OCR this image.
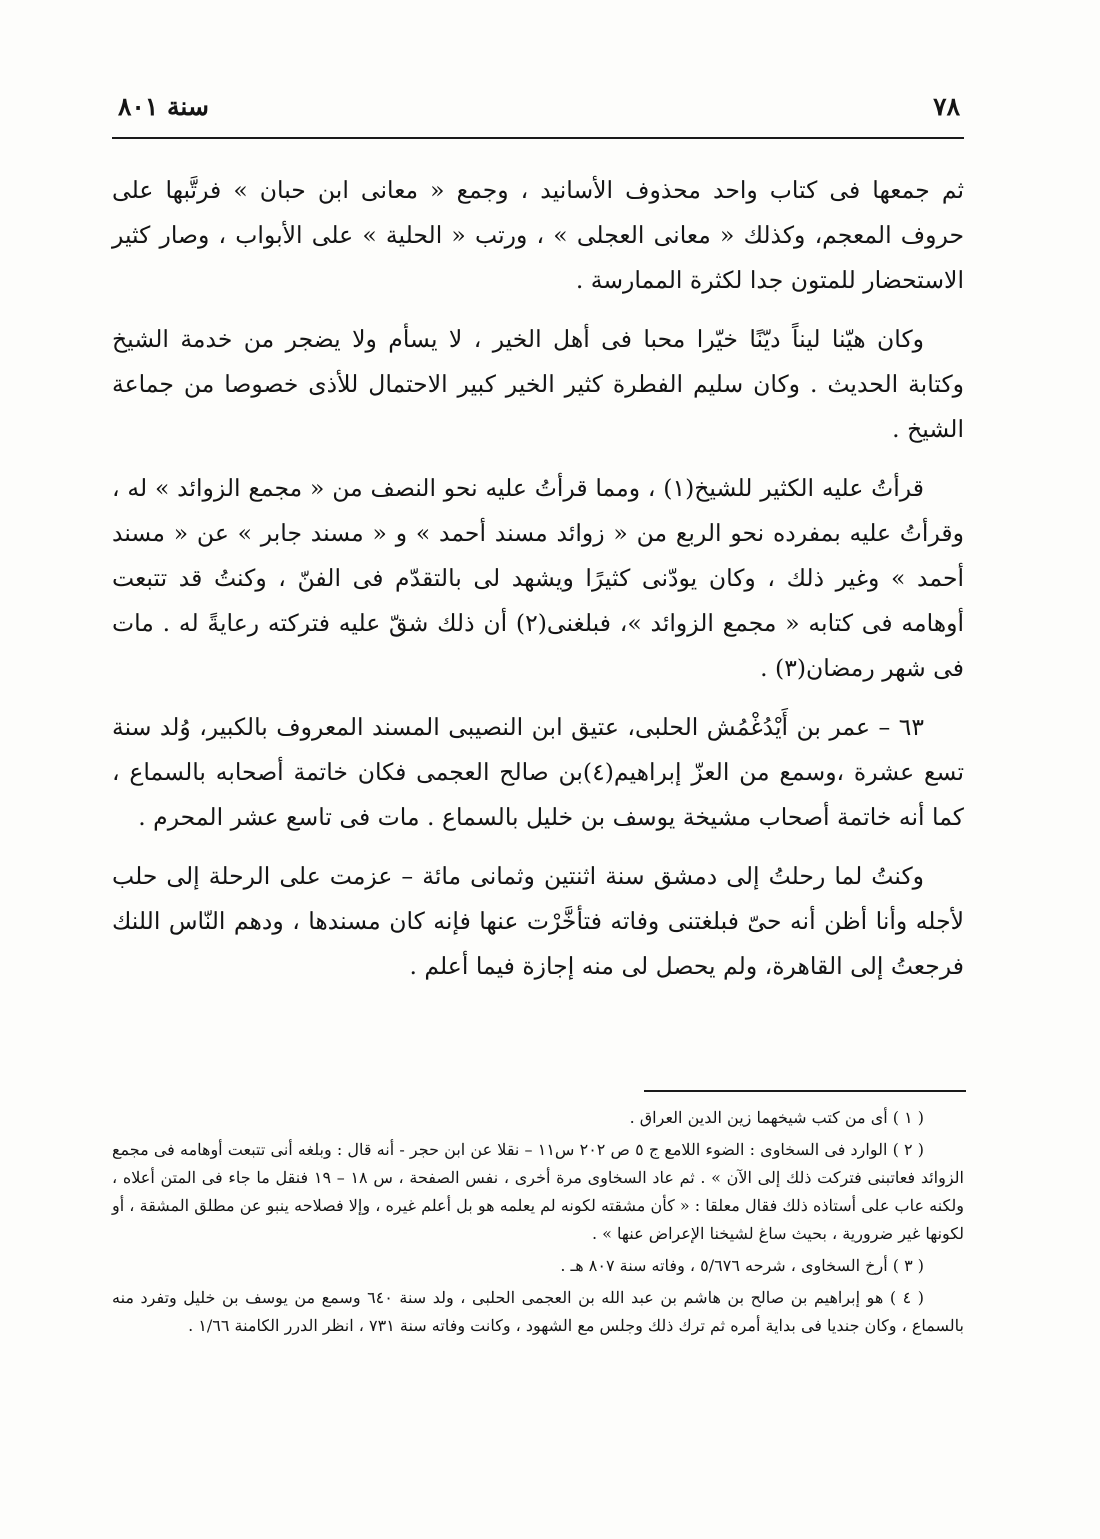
٧٨
سنة ٨٠١

ثم جمعها فى كتاب واحد محذوف الأسانيد ، وجمع « معانى ابن حبان » فرتَّبها على حروف المعجم، وكذلك « معانى العجلى » ، ورتب « الحلية » على الأبواب ، وصار كثير الاستحضار للمتون جدا لكثرة الممارسة .

وكان هيّنا ليناً ديّنًا خيّرا محبا فى أهل الخير ، لا يسأم ولا يضجر من خدمة الشيخ وكتابة الحديث . وكان سليم الفطرة كثير الخير كبير الاحتمال للأذى خصوصا من جماعة الشيخ .

قرأتُ عليه الكثير للشيخ(١) ، ومما قرأتُ عليه نحو النصف من « مجمع الزوائد » له ، وقرأتُ عليه بمفرده نحو الربع من « زوائد مسند أحمد » و « مسند جابر » عن « مسند أحمد » وغير ذلك ، وكان يودّنى كثيرًا ويشهد لى بالتقدّم فى الفنّ ، وكنتُ قد تتبعت أوهامه فى كتابه « مجمع الزوائد »، فبلغنى(٢) أن ذلك شقّ عليه فتركته رعايةً له . مات فى شهر رمضان(٣) .

٦٣ – عمر بن أَيْدُغْمُش الحلبى، عتيق ابن النصيبى المسند المعروف بالكبير، وُلد سنة تسع عشرة ،وسمع من العزّ إبراهيم(٤)بن صالح العجمى فكان خاتمة أصحابه بالسماع ، كما أنه خاتمة أصحاب مشيخة يوسف بن خليل بالسماع . مات فى تاسع عشر المحرم .

وكنتُ لما رحلتُ إلى دمشق سنة اثنتين وثمانى مائة – عزمت على الرحلة إلى حلب لأجله وأنا أظن أنه حىّ فبلغتنى وفاته فتأخَّرْت عنها فإنه كان مسندها ، ودهم النّاس اللنك فرجعتُ إلى القاهرة، ولم يحصل لى منه إجازة فيما أعلم .

( ١ ) أى من كتب شيخهما زين الدين العراق .

( ٢ ) الوارد فى السخاوى : الضوء اللامع ج ٥ ص ٢٠٢ س١١ – نقلا عن ابن حجر - أنه قال : وبلغه أنى تتبعت أوهامه فى مجمع الزوائد فعاتبنى فتركت ذلك إلى الآن » . ثم عاد السخاوى مرة أخرى ، نفس الصفحة ، س ١٨ – ١٩ فنقل ما جاء فى المتن أعلاه ، ولكنه عاب على أستاذه ذلك فقال معلقا : « كأن مشقته لكونه لم يعلمه هو بل أعلم غيره ، وإلا فصلاحه ينبو عن مطلق المشقة ، أو لكونها غير ضرورية ، بحيث ساغ لشيخنا الإعراض عنها » .

( ٣ ) أرخ السخاوى ، شرحه ٥/٦٧٦ ، وفاته سنة ٨٠٧ هـ .

( ٤ ) هو إبراهيم بن صالح بن هاشم بن عبد الله بن العجمى الحلبى ، ولد سنة ٦٤٠ وسمع من يوسف بن خليل وتفرد منه بالسماع ، وكان جنديا فى بداية أمره ثم ترك ذلك وجلس مع الشهود ، وكانت وفاته سنة ٧٣١ ، انظر الدرر الكامنة ١/٦٦ .
